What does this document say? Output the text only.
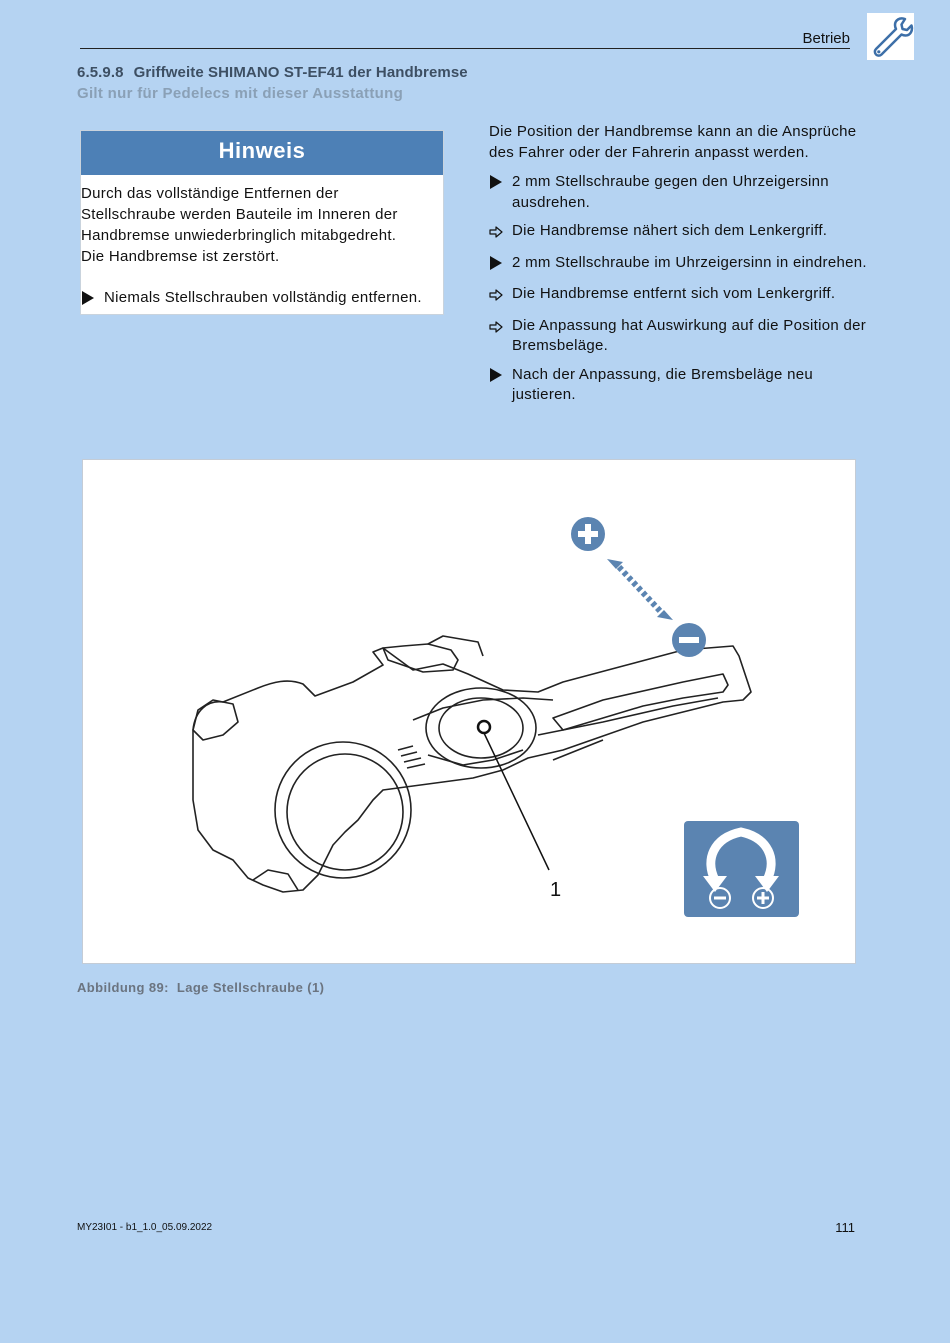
Betrieb
6.5.9.8 Griffweite SHIMANO ST-EF41 der Handbremse
Gilt nur für Pedelecs mit dieser Ausstattung
Hinweis
Durch das vollständige Entfernen der
Stellschraube werden Bauteile im Inneren der
Handbremse unwiederbringlich mitabgedreht.
Die Handbremse ist zerstört.
Niemals Stellschrauben vollständig entfernen.

Die Position der Handbremse kann an die Ansprüche des Fahrer oder der Fahrerin anpasst werden.

2 mm Stellschraube gegen den Uhrzeigersinn ausdrehen.
Die Handbremse nähert sich dem Lenkergriff.
2 mm Stellschraube im Uhrzeigersinn in eindrehen.
Die Handbremse entfernt sich vom Lenkergriff.
Die Anpassung hat Auswirkung auf die Position der Bremsbeläge.
Nach der Anpassung, die Bremsbeläge neu justieren.
1
Abbildung 89: Lage Stellschraube (1)
MY23I01 - b1_1.0_05.09.2022	111
